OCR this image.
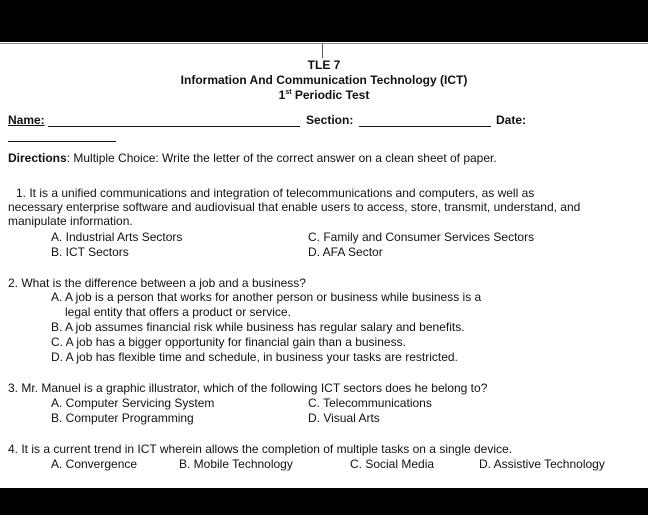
TLE 7
Information And Communication Technology (ICT)
1st Periodic Test
Name:	Section:	Date:
Directions: Multiple Choice: Write the letter of the correct answer on a clean sheet of paper.
1. It is a unified communications and integration of telecommunications and computers, as well as
necessary enterprise software and audiovisual that enable users to access, store, transmit, understand, and
manipulate information.
A. Industrial Arts Sectors	C. Family and Consumer Services Sectors
B. ICT Sectors	D. AFA Sector
2. What is the difference between a job and a business?
A. A job is a person that works for another person or business while business is a
legal entity that offers a product or service.
B. A job assumes financial risk while business has regular salary and benefits.
C. A job has a bigger opportunity for financial gain than a business.
D. A job has flexible time and schedule, in business your tasks are restricted.
3. Mr. Manuel is a graphic illustrator, which of the following ICT sectors does he belong to?
A. Computer Servicing System	C. Telecommunications
B. Computer Programming	D. Visual Arts
4. It is a current trend in ICT wherein allows the completion of multiple tasks on a single device.
A. Convergence	B. Mobile Technology	C. Social Media	D. Assistive Technology
